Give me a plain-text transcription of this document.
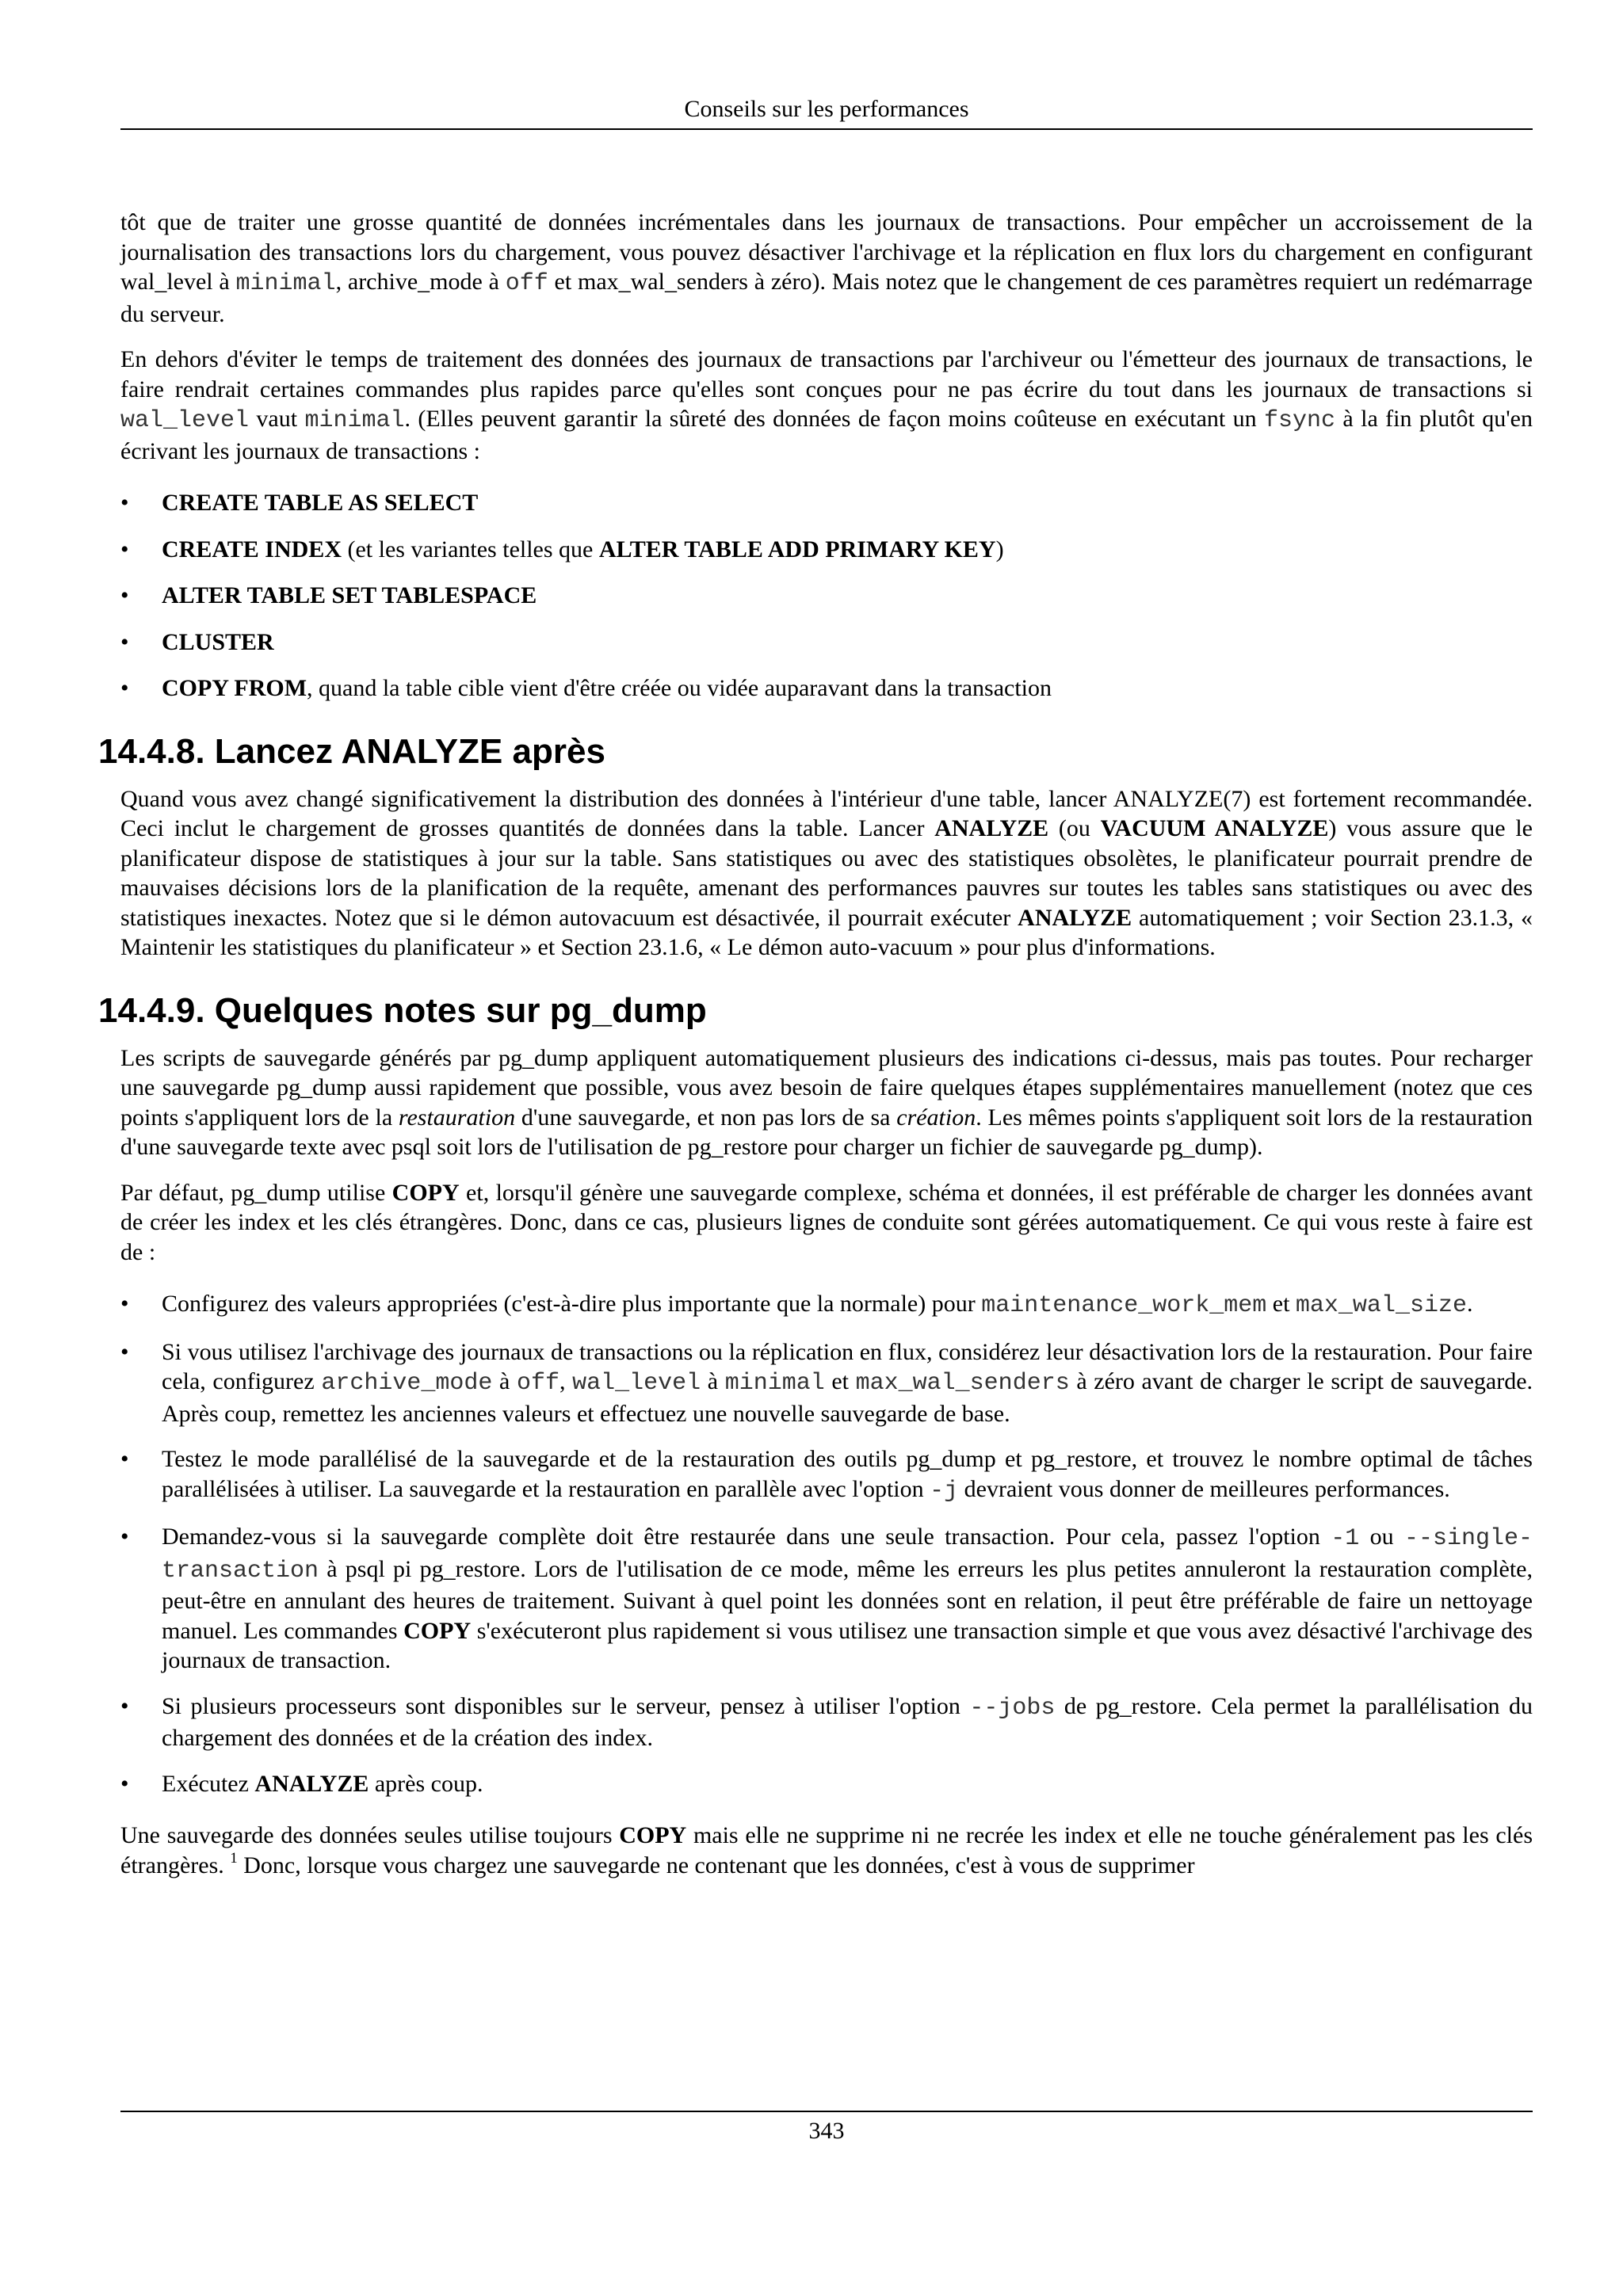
Conseils sur les performances

tôt que de traiter une grosse quantité de données incrémentales dans les journaux de transactions. Pour empêcher un accroissement de la journalisation des transactions lors du chargement, vous pouvez désactiver l'archivage et la réplication en flux lors du chargement en configurant wal_level à minimal, archive_mode à off et max_wal_senders à zéro). Mais notez que le changement de ces paramètres requiert un redémarrage du serveur.

En dehors d'éviter le temps de traitement des données des journaux de transactions par l'archiveur ou l'émetteur des journaux de transactions, le faire rendrait certaines commandes plus rapides parce qu'elles sont conçues pour ne pas écrire du tout dans les journaux de transactions si wal_level vaut minimal. (Elles peuvent garantir la sûreté des données de façon moins coûteuse en exécutant un fsync à la fin plutôt qu'en écrivant les journaux de transactions :

• CREATE TABLE AS SELECT
• CREATE INDEX (et les variantes telles que ALTER TABLE ADD PRIMARY KEY)
• ALTER TABLE SET TABLESPACE
• CLUSTER
• COPY FROM, quand la table cible vient d'être créée ou vidée auparavant dans la transaction
14.4.8. Lancez ANALYZE après

Quand vous avez changé significativement la distribution des données à l'intérieur d'une table, lancer ANALYZE(7) est fortement recommandée. Ceci inclut le chargement de grosses quantités de données dans la table. Lancer ANALYZE (ou VACUUM ANALYZE) vous assure que le planificateur dispose de statistiques à jour sur la table. Sans statistiques ou avec des statistiques obsolètes, le planificateur pourrait prendre de mauvaises décisions lors de la planification de la requête, amenant des performances pauvres sur toutes les tables sans statistiques ou avec des statistiques inexactes. Notez que si le démon autovacuum est désactivée, il pourrait exécuter ANALYZE automatiquement ; voir Section 23.1.3, « Maintenir les statistiques du planificateur » et Section 23.1.6, « Le démon auto-vacuum » pour plus d'informations.

14.4.9. Quelques notes sur pg_dump

Les scripts de sauvegarde générés par pg_dump appliquent automatiquement plusieurs des indications ci-dessus, mais pas toutes. Pour recharger une sauvegarde pg_dump aussi rapidement que possible, vous avez besoin de faire quelques étapes supplémentaires manuellement (notez que ces points s'appliquent lors de la restauration d'une sauvegarde, et non pas lors de sa création. Les mêmes points s'appliquent soit lors de la restauration d'une sauvegarde texte avec psql soit lors de l'utilisation de pg_restore pour charger un fichier de sauvegarde pg_dump).

Par défaut, pg_dump utilise COPY et, lorsqu'il génère une sauvegarde complexe, schéma et données, il est préférable de charger les données avant de créer les index et les clés étrangères. Donc, dans ce cas, plusieurs lignes de conduite sont gérées automatiquement. Ce qui vous reste à faire est de :

• Configurez des valeurs appropriées (c'est-à-dire plus importante que la normale) pour maintenance_work_mem et max_wal_size.
• Si vous utilisez l'archivage des journaux de transactions ou la réplication en flux, considérez leur désactivation lors de la restauration. Pour faire cela, configurez archive_mode à off, wal_level à minimal et max_wal_senders à zéro avant de charger le script de sauvegarde. Après coup, remettez les anciennes valeurs et effectuez une nouvelle sauvegarde de base.
• Testez le mode parallélisé de la sauvegarde et de la restauration des outils pg_dump et pg_restore, et trouvez le nombre optimal de tâches parallélisées à utiliser. La sauvegarde et la restauration en parallèle avec l'option -j devraient vous donner de meilleures performances.
• Demandez-vous si la sauvegarde complète doit être restaurée dans une seule transaction. Pour cela, passez l'option -1 ou --single-transaction à psql pi pg_restore. Lors de l'utilisation de ce mode, même les erreurs les plus petites annuleront la restauration complète, peut-être en annulant des heures de traitement. Suivant à quel point les données sont en relation, il peut être préférable de faire un nettoyage manuel. Les commandes COPY s'exécuteront plus rapidement si vous utilisez une transaction simple et que vous avez désactivé l'archivage des journaux de transaction.
• Si plusieurs processeurs sont disponibles sur le serveur, pensez à utiliser l'option --jobs de pg_restore. Cela permet la parallélisation du chargement des données et de la création des index.
• Exécutez ANALYZE après coup.

Une sauvegarde des données seules utilise toujours COPY mais elle ne supprime ni ne recrée les index et elle ne touche généralement pas les clés étrangères. $^1$ Donc, lorsque vous chargez une sauvegarde ne contenant que les données, c'est à vous de supprimer

343
